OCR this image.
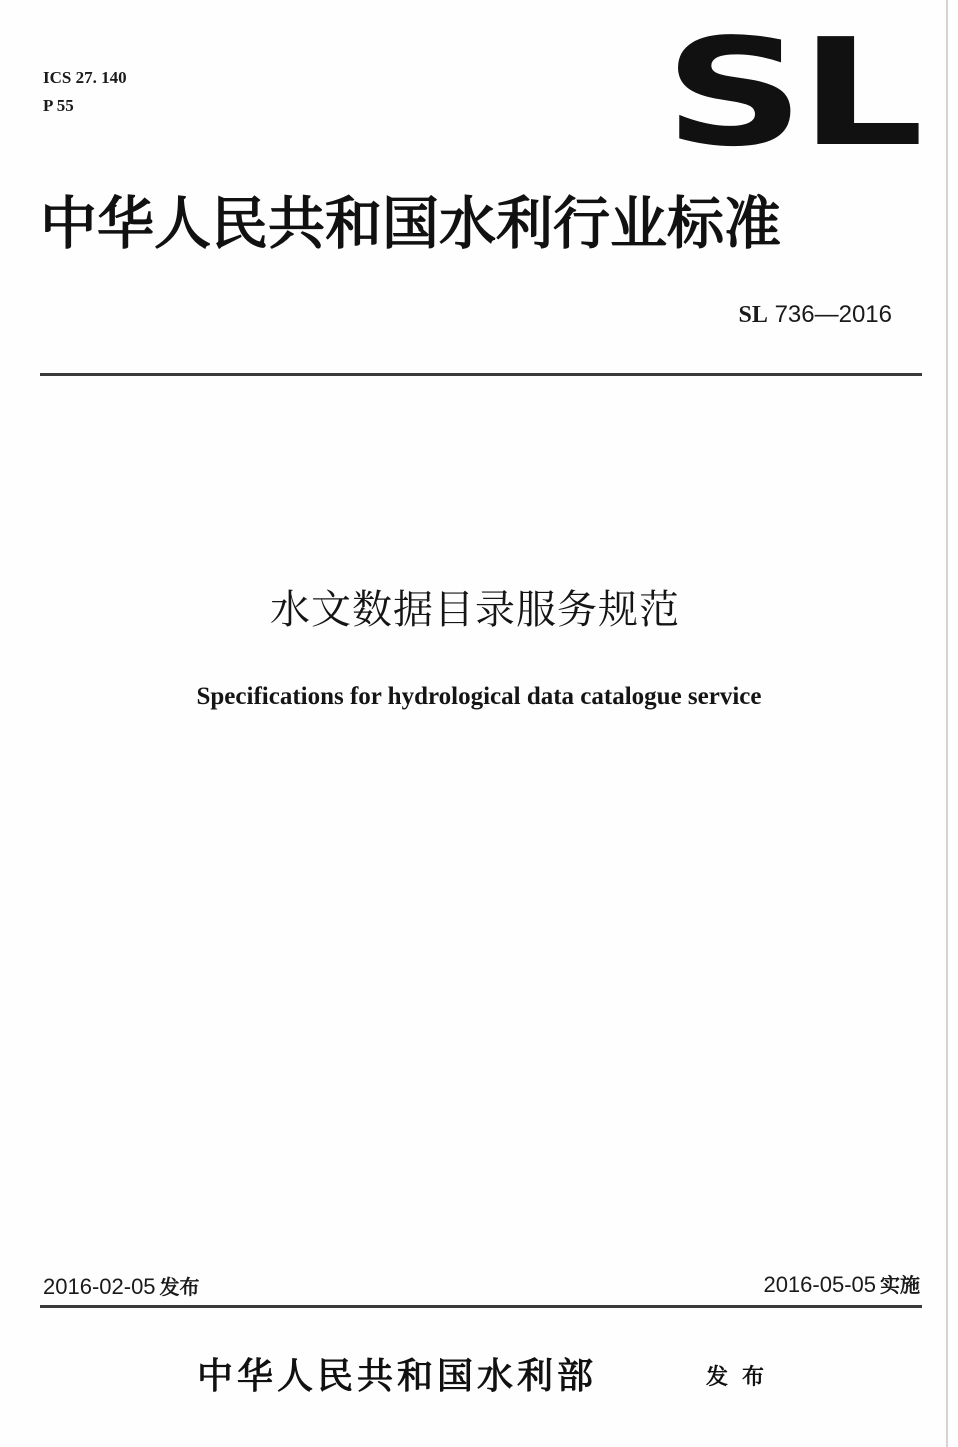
ICS 27. 140
P 55	SL
中华人民共和国水利行业标准
SL 736—2016
水文数据目录服务规范
Specifications for hydrological data catalogue service
2016-02-05 发布	2016-05-05 实施
中华人民共和国水利部	发布
